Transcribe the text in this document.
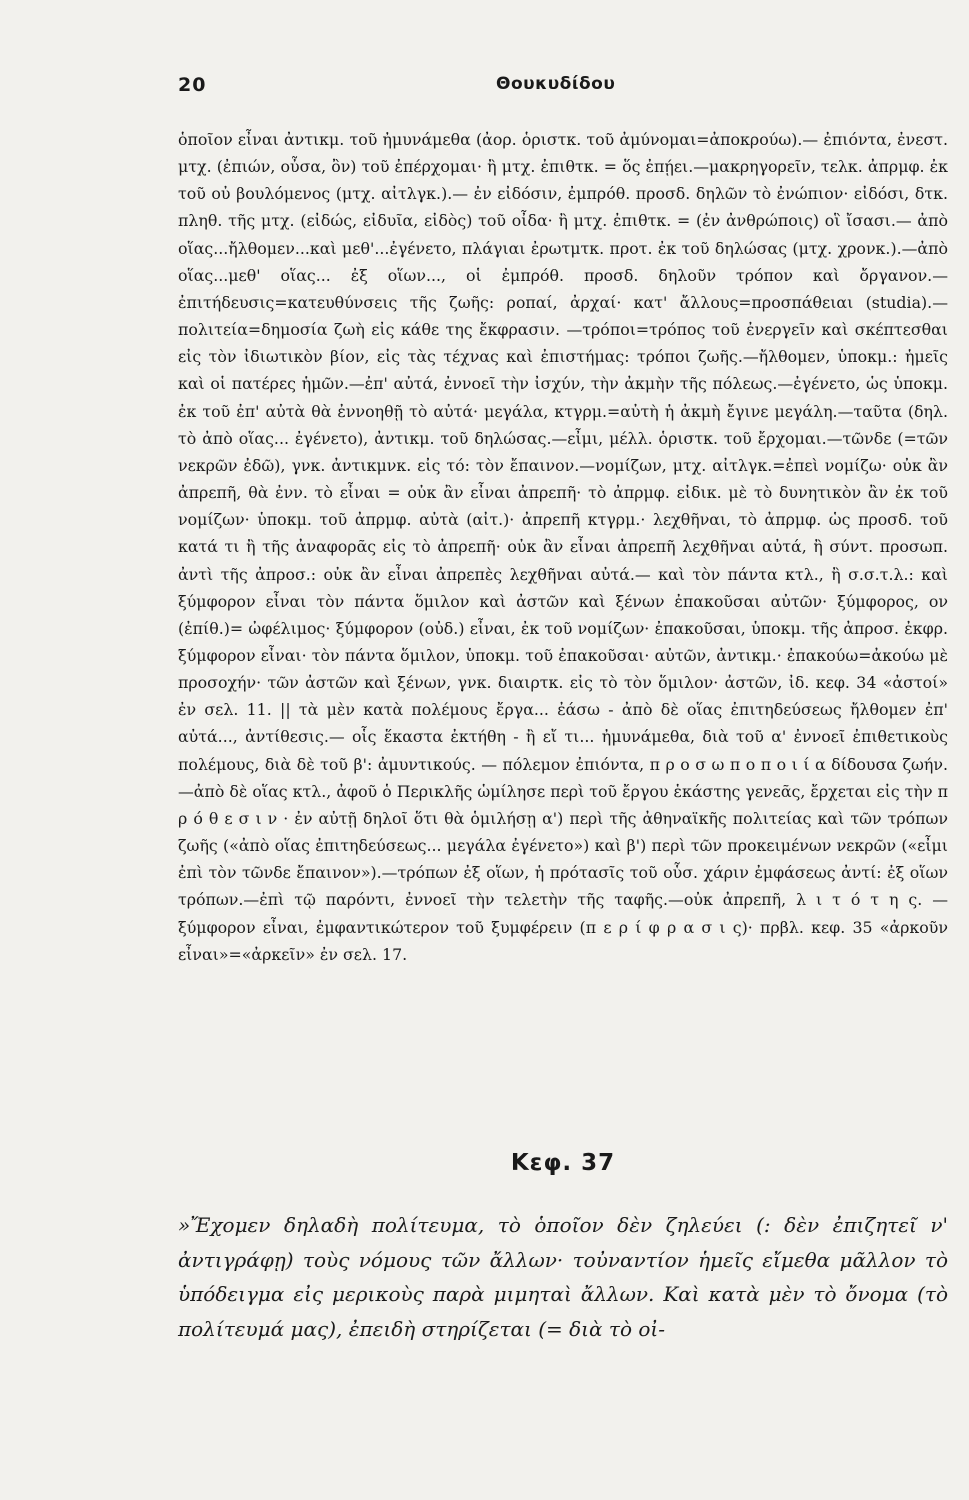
20	Θουκυδίδου

ὁποῖον εἶναι ἀντικμ. τοῦ ἠμυνάμεθα (ἀορ. ὁριστκ. τοῦ ἀμύνομαι=ἀποκρούω).— ἐπιόντα, ἐνεστ. μτχ. (ἐπιών, οὖσα, ὂν) τοῦ ἐπέρχομαι· ἢ μτχ. ἐπιθτκ. = ὅς ἐπῄει.—μακρηγορεῖν, τελκ. ἀπρμφ. ἐκ τοῦ οὐ βουλόμενος (μτχ. αἰτλγκ.).— ἐν εἰδόσιν, ἐμπρόθ. προσδ. δηλῶν τὸ ἐνώπιον· εἰδόσι, δτκ. πληθ. τῆς μτχ. (εἰδώς, εἰδυῖα, εἰδὸς) τοῦ οἶδα· ἢ μτχ. ἐπιθτκ. = (ἐν ἀνθρώποις) οἳ ἴσασι.— ἀπὸ οἵας...ἤλθομεν...καὶ μεθ'...ἐγένετο, πλάγιαι ἐρωτμτκ. προτ. ἐκ τοῦ δηλώσας (μτχ. χρονκ.).—ἀπὸ οἵας...μεθ' οἵας... ἐξ οἵων..., οἱ ἐμπρόθ. προσδ. δηλοῦν τρόπον καὶ ὄργανον.—ἐπιτήδευσις=κατευθύνσεις τῆς ζωῆς: ροπαί, ἀρχαί· κατ' ἄλλους=προσπάθειαι (studia).—πολιτεία=δημοσία ζωὴ εἰς κάθε της ἔκφρασιν. —τρόποι=τρόπος τοῦ ἐνεργεῖν καὶ σκέπτεσθαι εἰς τὸν ἰδιωτικὸν βίον, εἰς τὰς τέχνας καὶ ἐπιστήμας: τρόποι ζωῆς.—ἤλθομεν, ὑποκμ.: ἡμεῖς καὶ οἱ πατέρες ἡμῶν.—ἐπ' αὐτά, ἐννοεῖ τὴν ἰσχύν, τὴν ἀκμὴν τῆς πόλεως.—ἐγένετο, ὡς ὑποκμ. ἐκ τοῦ ἐπ' αὐτὰ θὰ ἐννοηθῇ τὸ αὐτά· μεγάλα, κτγρμ.=αὐτὴ ἡ ἀκμὴ ἔγινε μεγάλη.—ταῦτα (δηλ. τὸ ἀπὸ οἵας... ἐγένετο), ἀντικμ. τοῦ δηλώσας.—εἶμι, μέλλ. ὁριστκ. τοῦ ἔρχομαι.—τῶνδε (=τῶν νεκρῶν ἐδῶ), γνκ. ἀντικμνκ. εἰς τό: τὸν ἔπαινον.—νομίζων, μτχ. αἰτλγκ.=ἐπεὶ νομίζω· οὐκ ἂν ἀπρεπῆ, θὰ ἐνν. τὸ εἶναι = οὐκ ἂν εἶναι ἀπρεπῆ· τὸ ἀπρμφ. εἰδικ. μὲ τὸ δυνητικὸν ἂν ἐκ τοῦ νομίζων· ὑποκμ. τοῦ ἀπρμφ. αὐτὰ (αἰτ.)· ἀπρεπῆ κτγρμ.· λεχθῆναι, τὸ ἀπρμφ. ὡς προσδ. τοῦ κατά τι ἢ τῆς ἀναφορᾶς εἰς τὸ ἀπρεπῆ· οὐκ ἂν εἶναι ἀπρεπῆ λεχθῆναι αὐτά, ἢ σύντ. προσωπ. ἀντὶ τῆς ἀπροσ.: οὐκ ἂν εἶναι ἀπρεπὲς λεχθῆναι αὐτά.— καὶ τὸν πάντα κτλ., ἢ σ.σ.τ.λ.: καὶ ξύμφορον εἶναι τὸν πάντα ὅμιλον καὶ ἀστῶν καὶ ξένων ἐπακοῦσαι αὐτῶν· ξύμφορος, ον (ἐπίθ.)= ὠφέλιμος· ξύμφορον (οὐδ.) εἶναι, ἐκ τοῦ νομίζων· ἐπακοῦσαι, ὑποκμ. τῆς ἀπροσ. ἐκφρ. ξύμφορον εἶναι· τὸν πάντα ὅμιλον, ὑποκμ. τοῦ ἐπακοῦσαι· αὐτῶν, ἀντικμ.· ἐπακούω=ἀκούω μὲ προσοχήν· τῶν ἀστῶν καὶ ξένων, γνκ. διαιρτκ. εἰς τὸ τὸν ὅμιλον· ἀστῶν, ἰδ. κεφ. 34 «ἀστοί» ἐν σελ. 11. || τὰ μὲν κατὰ πολέμους ἔργα... ἐάσω - ἀπὸ δὲ οἵας ἐπιτηδεύσεως ἤλθομεν ἐπ' αὐτά..., ἀντίθεσις.— οἷς ἕκαστα ἐκτήθη - ἢ εἴ τι... ἠμυνάμεθα, διὰ τοῦ α' ἐννοεῖ ἐπιθετικοὺς πολέμους, διὰ δὲ τοῦ β': ἀμυντικούς. — πόλεμον ἐπιόντα, π ρ ο σ ω π ο π ο ι ί α δίδουσα ζωήν.—ἀπὸ δὲ οἵας κτλ., ἀφοῦ ὁ Περικλῆς ὡμίλησε περὶ τοῦ ἔργου ἑκάστης γενεᾶς, ἔρχεται εἰς τὴν π ρ ό θ ε σ ι ν · ἐν αὐτῇ δηλοῖ ὅτι θὰ ὁμιλήσῃ α') περὶ τῆς ἀθηναϊκῆς πολιτείας καὶ τῶν τρόπων ζωῆς («ἀπὸ οἵας ἐπιτηδεύσεως... μεγάλα ἐγένετο») καὶ β') περὶ τῶν προκειμένων νεκρῶν («εἶμι ἐπὶ τὸν τῶνδε ἔπαινον»).—τρόπων ἐξ οἵων, ἡ πρότασῖς τοῦ οὗσ. χάριν ἐμφάσεως ἀντί: ἐξ οἵων τρόπων.—ἐπὶ τῷ παρόντι, ἐννοεῖ τὴν τελετὴν τῆς ταφῆς.—οὐκ ἀπρεπῆ, λ ι τ ό τ η ς. — ξύμφορον εἶναι, ἐμφαντικώτερον τοῦ ξυμφέρειν (π ε ρ ί φ ρ α σ ι ς)· πρβλ. κεφ. 35 «ἀρκοῦν εἶναι»=«ἀρκεῖν» ἐν σελ. 17.

Κεφ. 37

»Ἔχομεν δηλαδὴ πολίτευμα, τὸ ὁποῖον δὲν ζηλεύει (: δὲν ἐπιζητεῖ ν' ἀντιγράφῃ) τοὺς νόμους τῶν ἄλλων· τοὐναντίον ἡμεῖς εἴμεθα μᾶλλον τὸ ὑπόδειγμα εἰς μερικοὺς παρὰ μιμηταὶ ἄλλων. Καὶ κατὰ μὲν τὸ ὄνομα (τὸ πολίτευμά μας), ἐπειδὴ στηρίζεται (= διὰ τὸ οἰ-
